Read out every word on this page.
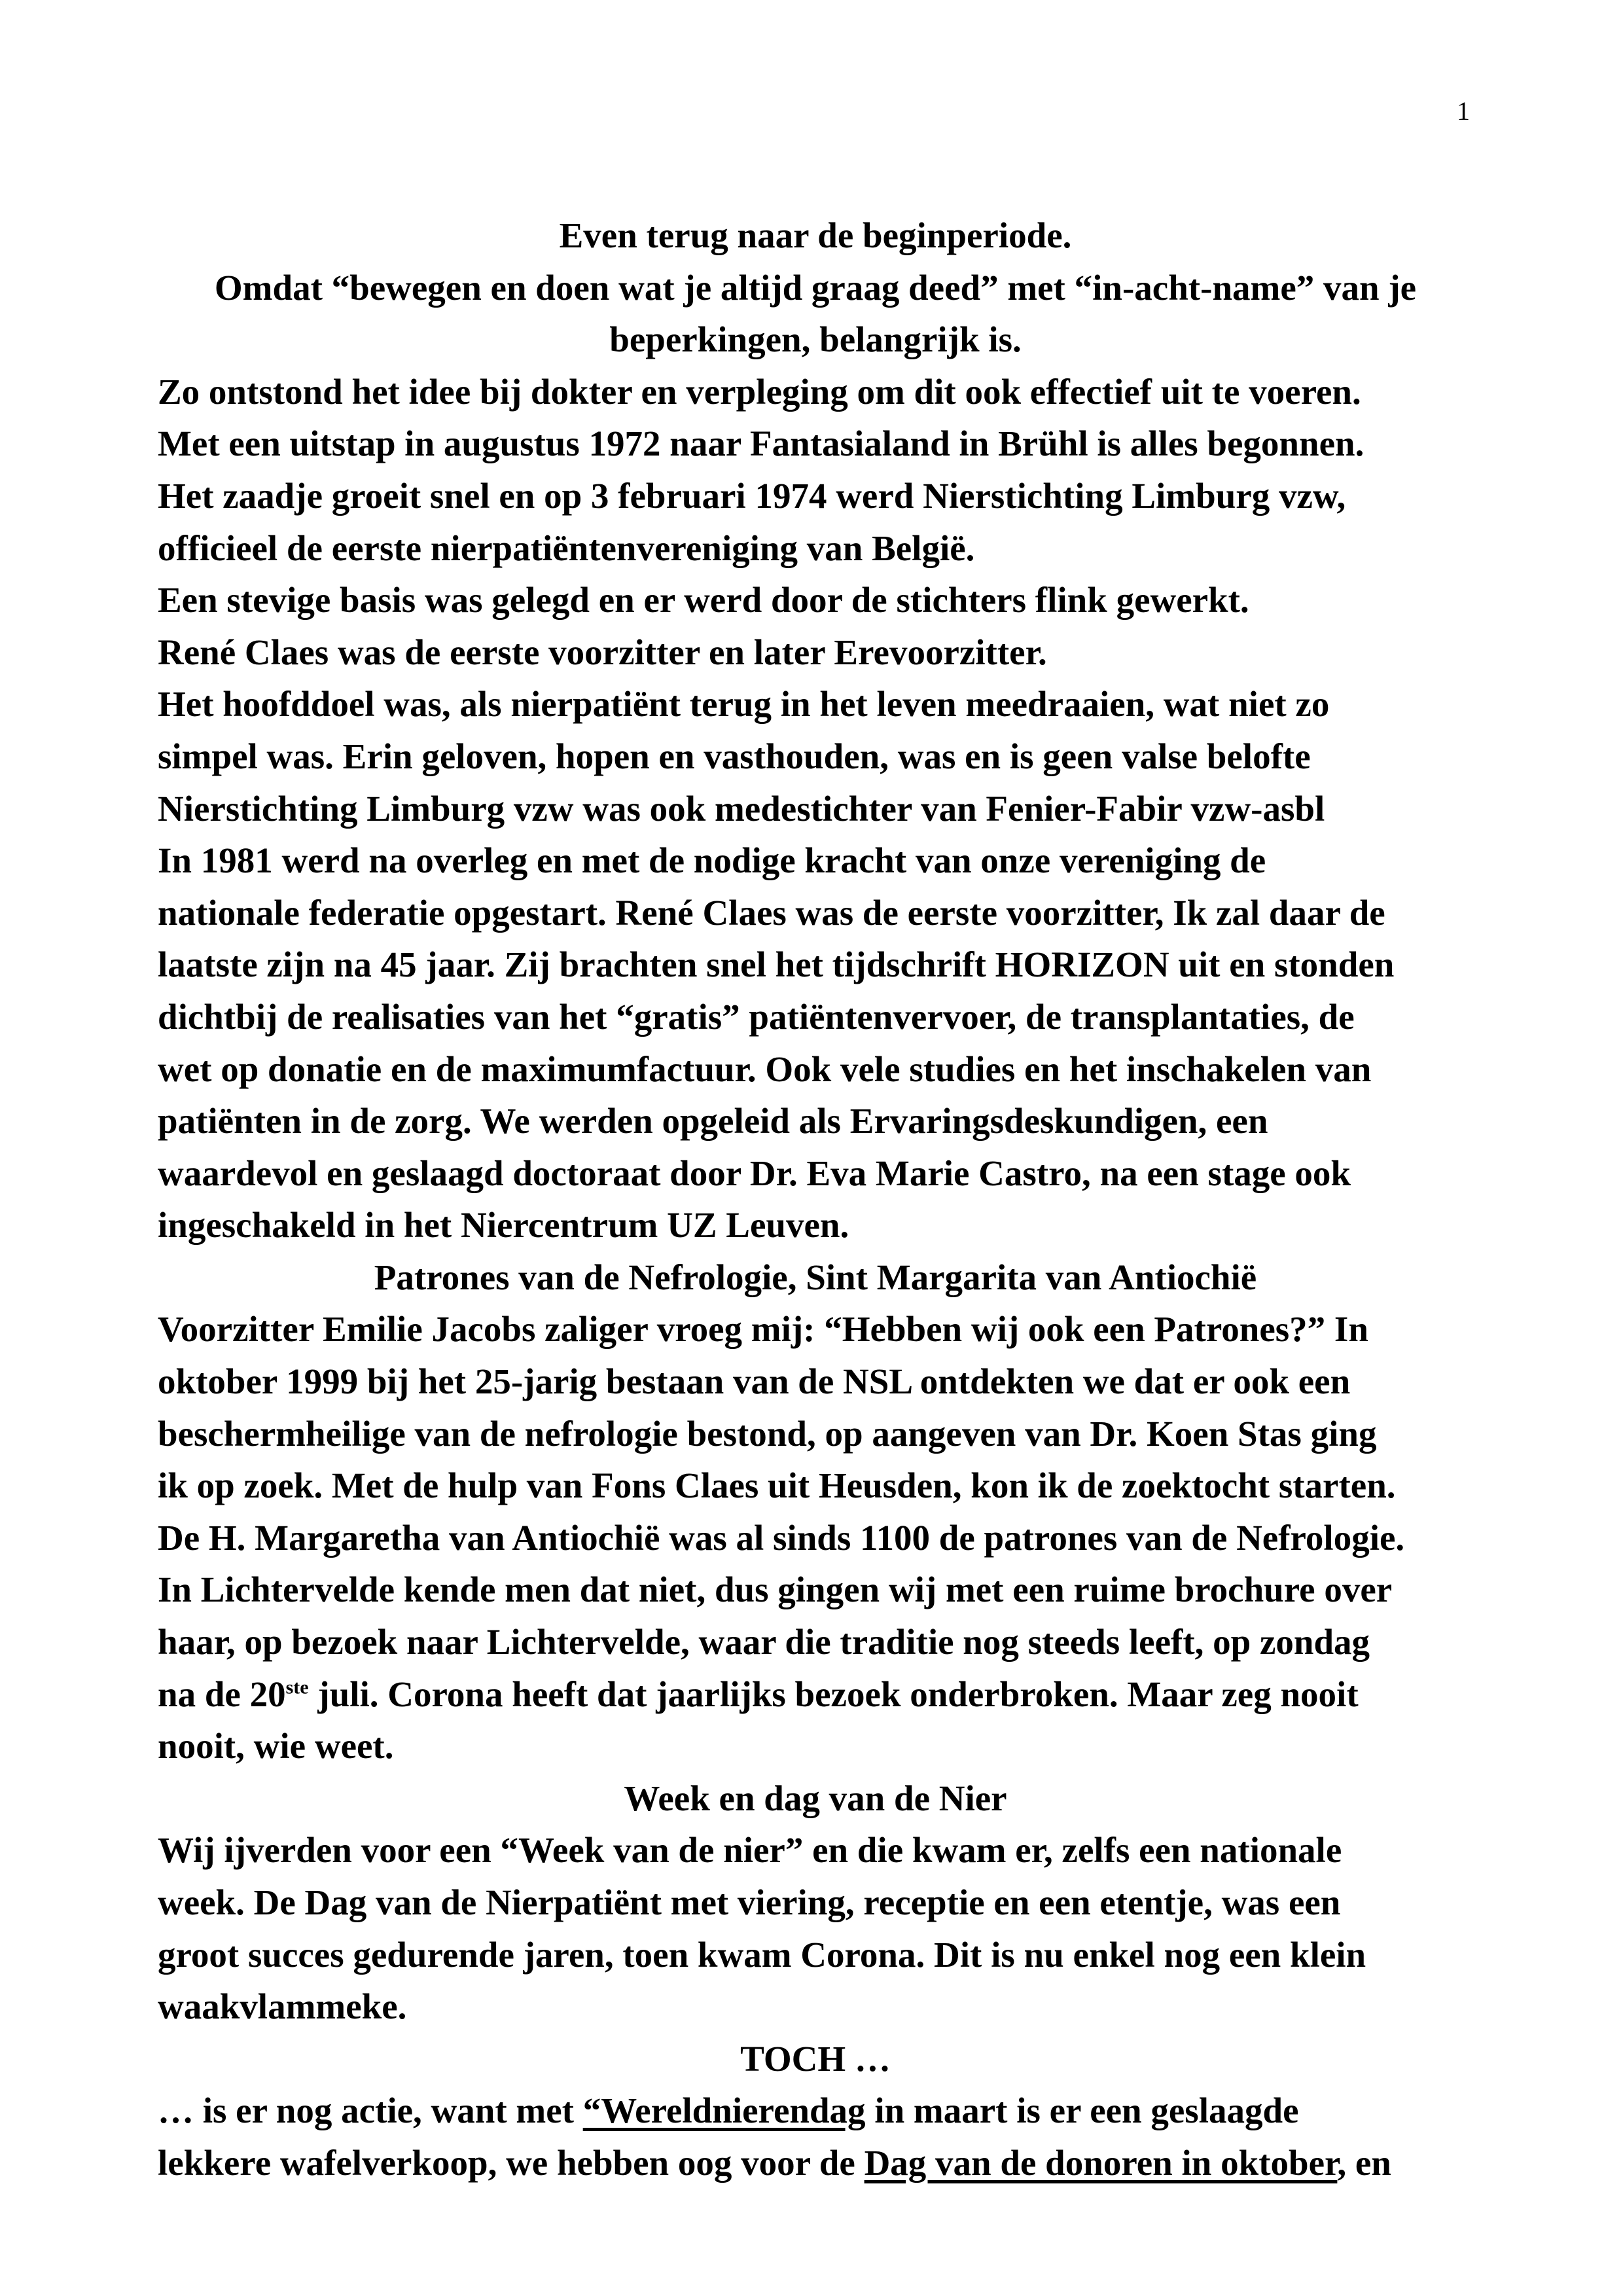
1
Even terug naar de beginperiode.
Omdat “bewegen en doen wat je altijd graag deed” met “in-acht-name” van je
beperkingen, belangrijk is.
Zo ontstond het idee bij dokter en verpleging om dit ook effectief uit te voeren.
Met een uitstap in augustus 1972 naar Fantasialand in Brühl is alles begonnen.
Het zaadje groeit snel en op 3 februari 1974 werd Nierstichting Limburg vzw,
officieel de eerste nierpatiëntenvereniging van België.
Een stevige basis was gelegd en er werd door de stichters flink gewerkt.
René Claes was de eerste voorzitter en later Erevoorzitter.
Het hoofddoel was, als nierpatiënt terug in het leven meedraaien, wat niet zo
simpel was. Erin geloven, hopen en vasthouden, was en is geen valse belofte
Nierstichting Limburg vzw was ook medestichter van Fenier-Fabir vzw-asbl
In 1981 werd na overleg en met de nodige kracht van onze vereniging de
nationale federatie opgestart. René Claes was de eerste voorzitter, Ik zal daar de
laatste zijn na 45 jaar. Zij brachten snel het tijdschrift HORIZON uit en stonden
dichtbij de realisaties van het “gratis” patiëntenvervoer, de transplantaties, de
wet op donatie en de maximumfactuur. Ook vele studies en het inschakelen van
patiënten in de zorg. We werden opgeleid als Ervaringsdeskundigen, een
waardevol en geslaagd doctoraat door Dr. Eva Marie Castro, na een stage ook
ingeschakeld in het Niercentrum UZ Leuven.
Patrones van de Nefrologie, Sint Margarita van Antiochië
Voorzitter Emilie Jacobs zaliger vroeg mij: “Hebben wij ook een Patrones?” In
oktober 1999 bij het 25-jarig bestaan van de NSL ontdekten we dat er ook een
beschermheilige van de nefrologie bestond, op aangeven van Dr. Koen Stas ging
ik op zoek. Met de hulp van Fons Claes uit Heusden, kon ik de zoektocht starten.
De H. Margaretha van Antiochië was al sinds 1100 de patrones van de Nefrologie.
In Lichtervelde kende men dat niet, dus gingen wij met een ruime brochure over
haar, op bezoek naar Lichtervelde, waar die traditie nog steeds leeft, op zondag
na de 20ste juli. Corona heeft dat jaarlijks bezoek onderbroken. Maar zeg nooit
nooit, wie weet.
Week en dag van de Nier
Wij ijverden voor een “Week van de nier” en die kwam er, zelfs een nationale
week. De Dag van de Nierpatiënt met viering, receptie en een etentje, was een
groot succes gedurende jaren, toen kwam Corona. Dit is nu enkel nog een klein
waakvlammeke.
TOCH …
… is er nog actie, want met “Wereldnierendag in maart is er een geslaagde
lekkere wafelverkoop, we hebben oog voor de Dag van de donoren in oktober, en
